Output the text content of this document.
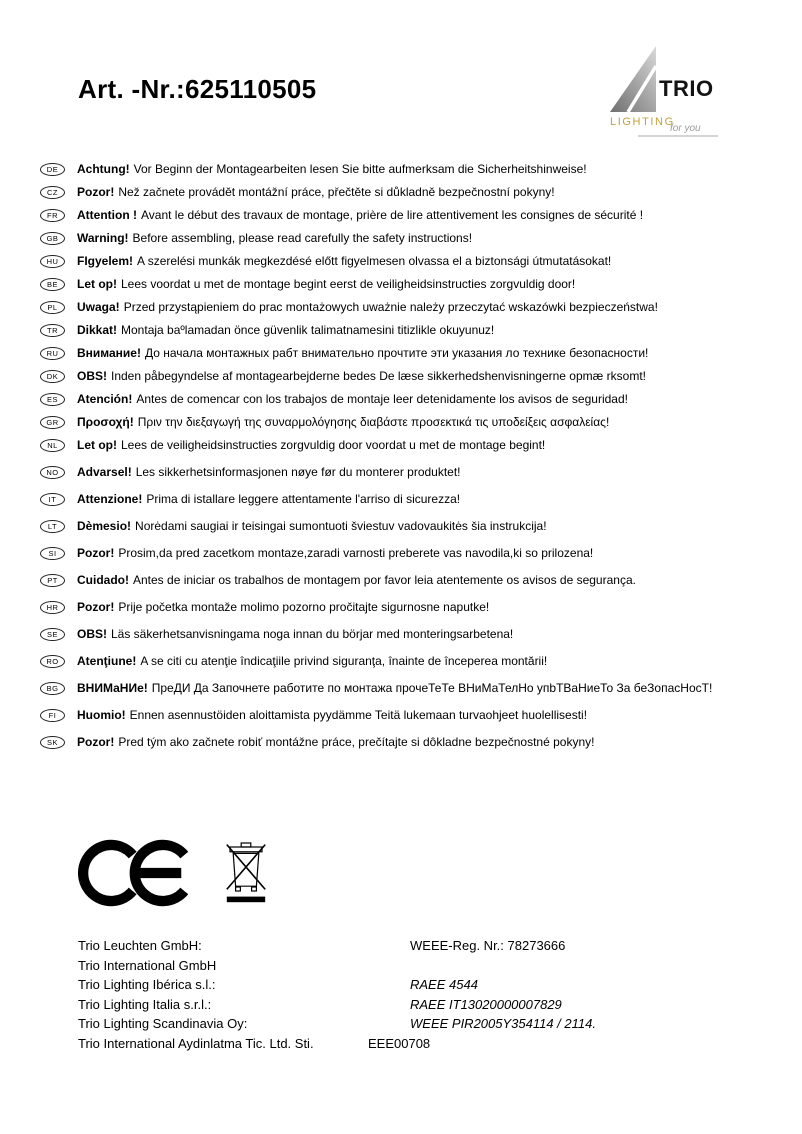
Art. -Nr.:625110505	TRIO
LIGHTING
for you
DE Achtung! Vor Beginn der Montagearbeiten lesen Sie bitte aufmerksam die Sicherheitshinweise!
CZ Pozor! Než začnete provádět montážní práce, přečtěte si důkladně bezpečnostní pokyny!
FR Attention ! Avant le début des travaux de montage, prière de lire attentivement les consignes de sécurité !
GB Warning! Before assembling, please read carefully the safety instructions!
HU FIgyelem! A szerelési munkák megkezdésé előtt figyelmesen olvassa el a biztonsági útmutatásokat!
BE Let op! Lees voordat u met de montage begint eerst de veiligheidsinstructies zorgvuldig door!
PL Uwaga! Przed przystąpieniem do prac montażowych uważnie należy przeczytać wskazówki bezpieczeństwa!
TR Dikkat! Montaja baºlamadan önce güvenlik talimatnamesini titizlikle okuyunuz!
RU Внимание! До начала монтажных рабт внимательно прочтите эти указания ло технике безопасности!
DK OBS! Inden påbegyndelse af montagearbejderne bedes De læse sikkerhedshenvisningerne opmæ rksomt!
ES Atención! Antes de comencar con los trabajos de montaje leer detenidamente los avisos de seguridad!
GR Προσοχή! Πριν την διεξαγωγή της συναρμολόγησης διαβάστε προσεκτικά τις υποδείξεις ασφαλείας!
NL Let op! Lees de veiligheidsinstructies zorgvuldig door voordat u met de montage begint!
NO Advarsel! Les sikkerhetsinformasjonen nøye før du monterer produktet!
IT Attenzione! Prima di istallare leggere attentamente l'arriso di sicurezza!
LT Dèmesio! Norėdami saugiai ir teisingai sumontuoti šviestuv vadovaukitės šia instrukcija!
SI Pozor! Prosim,da pred zacetkom montaze,zaradi varnosti preberete vas navodila,ki so prilozena!
PT Cuidado! Antes de iniciar os trabalhos de montagem por favor leia atentemente os avisos de segurança.
HR Pozor! Prije početka montaže molimo pozorno pročitajte sigurnosne naputke!
SE OBS! Läs säkerhetsanvisningama noga innan du börjar med monteringsarbetena!
RO Atenţiune! A se citi cu atenţie îndicaţiile privind siguranţa, înainte de începerea montării!
BG ВНИМаНИе! ПреДИ Да Започнете работите по монтажа прочеТеТе ВНиМаТелНо упbТВаНиеТо За беЗопасНосТ!
FI Huomio! Ennen asennustöiden aloittamista pyydämme Teitä lukemaan turvaohjeet huolellisesti!
SK Pozor! Pred tým ako začnete robiť montážne práce, prečítajte si dôkladne bezpečnostné pokyny!
Trio Leuchten GmbH:	WEEE-Reg. Nr.: 78273666
Trio International GmbH
Trio Lighting Ibérica s.l.:	RAEE 4544
Trio Lighting Italia s.r.l.:	RAEE IT13020000007829
Trio Lighting Scandinavia Oy:	WEEE PIR2005Y354114 / 2114.
Trio International Aydinlatma Tic. Ltd. Sti.	EEE00708
